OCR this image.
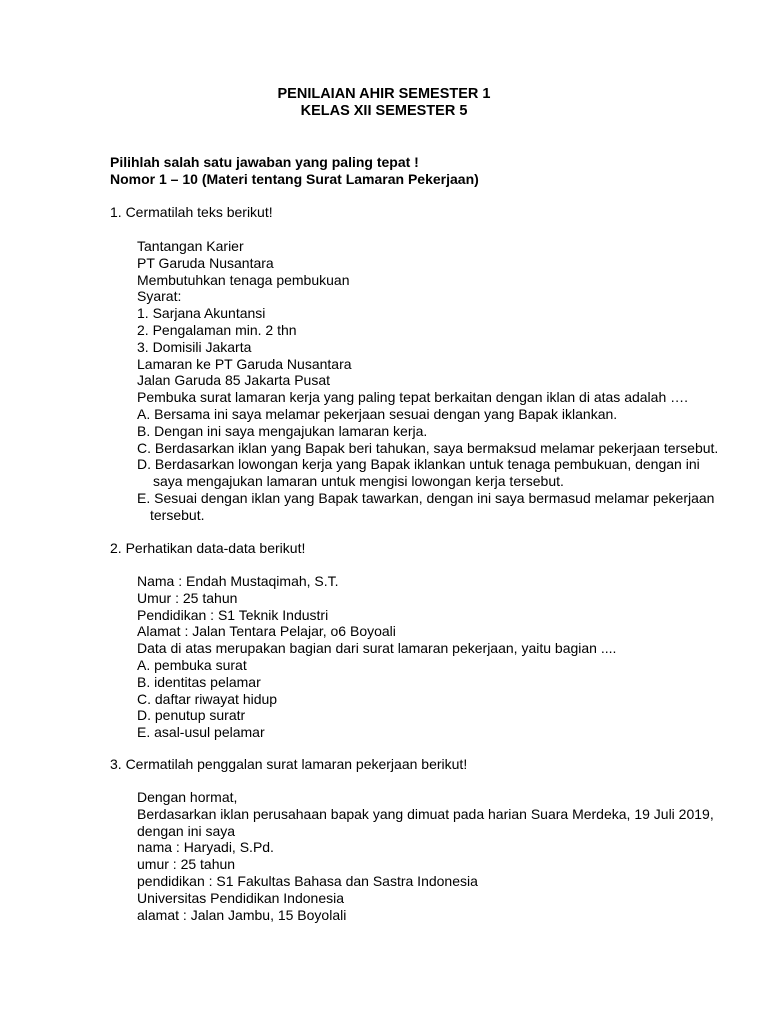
PENILAIAN AHIR SEMESTER 1

KELAS XII SEMESTER 5

Pilihlah salah satu jawaban yang paling tepat !
Nomor 1 – 10 (Materi tentang Surat Lamaran Pekerjaan)
1. Cermatilah teks berikut!
Tantangan Karier
PT Garuda Nusantara
Membutuhkan tenaga pembukuan
Syarat:
1. Sarjana Akuntansi
2. Pengalaman min. 2 thn
3. Domisili Jakarta
Lamaran ke PT Garuda Nusantara
Jalan Garuda 85 Jakarta Pusat
Pembuka surat lamaran kerja yang paling tepat berkaitan dengan iklan di atas adalah ….
A. Bersama ini saya melamar pekerjaan sesuai dengan yang Bapak iklankan.
B. Dengan ini saya mengajukan lamaran kerja.
C. Berdasarkan iklan yang Bapak beri tahukan, saya bermaksud melamar pekerjaan tersebut.
D. Berdasarkan lowongan kerja yang Bapak iklankan untuk tenaga pembukuan, dengan ini
saya mengajukan lamaran untuk mengisi lowongan kerja tersebut.
E. Sesuai dengan iklan yang Bapak tawarkan, dengan ini saya bermasud melamar pekerjaan
tersebut.
2. Perhatikan data-data berikut!
Nama : Endah Mustaqimah, S.T.
Umur : 25 tahun
Pendidikan : S1 Teknik Industri
Alamat : Jalan Tentara Pelajar, o6 Boyoali
Data di atas merupakan bagian dari surat lamaran pekerjaan, yaitu bagian ....
A. pembuka surat
B. identitas pelamar
C. daftar riwayat hidup
D. penutup suratr
E. asal-usul pelamar
3. Cermatilah penggalan surat lamaran pekerjaan berikut!
Dengan hormat,
Berdasarkan iklan perusahaan bapak yang dimuat pada harian Suara Merdeka, 19 Juli 2019,
dengan ini saya
nama : Haryadi, S.Pd.
umur : 25 tahun
pendidikan : S1 Fakultas Bahasa dan Sastra Indonesia
Universitas Pendidikan Indonesia
alamat : Jalan Jambu, 15 Boyolali
